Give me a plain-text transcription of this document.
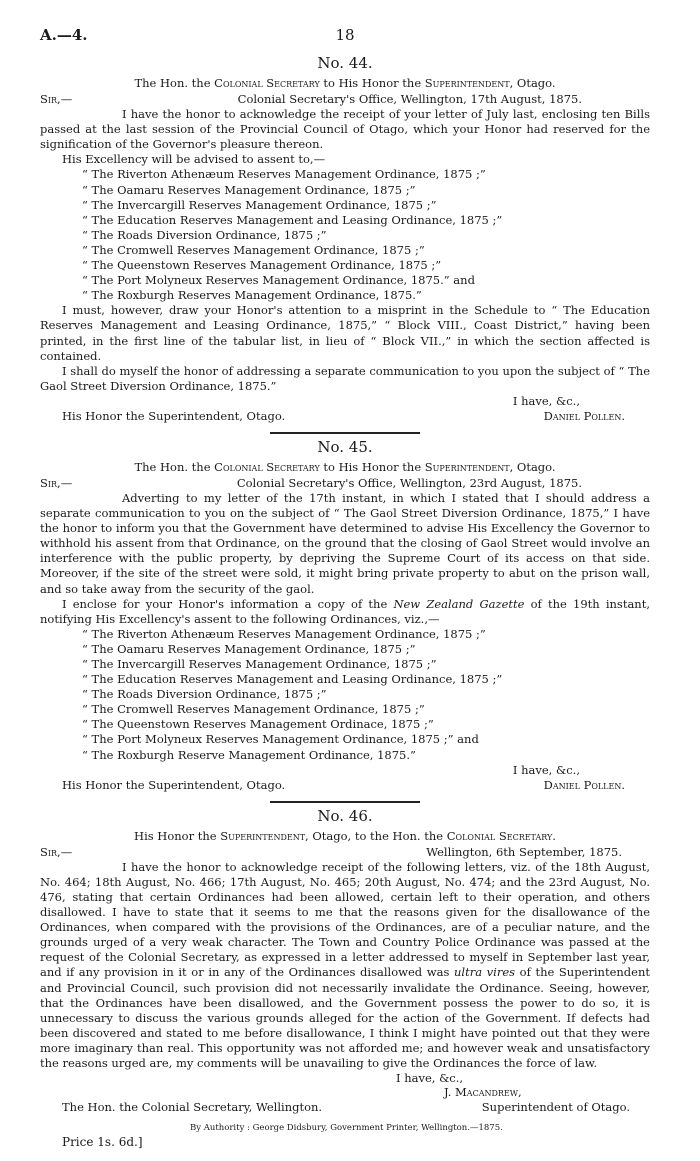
A.—4.	18
No. 44.
The Hon. the Colonial Secretary to His Honor the Superintendent, Otago.
Sir,—	Colonial Secretary's Office, Wellington, 17th August, 1875.

I have the honor to acknowledge the receipt of your letter of July last, enclosing ten Bills passed at the last session of the Provincial Council of Otago, which your Honor had reserved for the signification of the Governor's pleasure thereon.

His Excellency will be advised to assent to,—

“ The Riverton Athenæum Reserves Management Ordinance, 1875 ;”
“ The Oamaru Reserves Management Ordinance, 1875 ;”
“ The Invercargill Reserves Management Ordinance, 1875 ;”
“ The Education Reserves Management and Leasing Ordinance, 1875 ;”
“ The Roads Diversion Ordinance, 1875 ;”
“ The Cromwell Reserves Management Ordinance, 1875 ;”
“ The Queenstown Reserves Management Ordinance, 1875 ;”
“ The Port Molyneux Reserves Management Ordinance, 1875.” and
“ The Roxburgh Reserves Management Ordinance, 1875.”

I must, however, draw your Honor's attention to a misprint in the Schedule to “ The Education Reserves Management and Leasing Ordinance, 1875,” “ Block VIII., Coast District,” having been printed, in the first line of the tabular list, in lieu of “ Block VII.,” in which the section affected is contained.

I shall do myself the honor of addressing a separate communication to you upon the subject of “ The Gaol Street Diversion Ordinance, 1875.”

I have, &c.,
His Honor the Superintendent, Otago.	Daniel Pollen.
No. 45.
The Hon. the Colonial Secretary to His Honor the Superintendent, Otago.
Sir,—	Colonial Secretary's Office, Wellington, 23rd August, 1875.

Adverting to my letter of the 17th instant, in which I stated that I should address a separate communication to you on the subject of “ The Gaol Street Diversion Ordinance, 1875,” I have the honor to inform you that the Government have determined to advise His Excellency the Governor to withhold his assent from that Ordinance, on the ground that the closing of Gaol Street would involve an interference with the public property, by depriving the Supreme Court of its access on that side. Moreover, if the site of the street were sold, it might bring private property to abut on the prison wall, and so take away from the security of the gaol.

I enclose for your Honor's information a copy of the New Zealand Gazette of the 19th instant, notifying His Excellency's assent to the following Ordinances, viz.,—

“ The Riverton Athenæum Reserves Management Ordinance, 1875 ;”
“ The Oamaru Reserves Management Ordinance, 1875 ;”
“ The Invercargill Reserves Management Ordinance, 1875 ;”
“ The Education Reserves Management and Leasing Ordinance, 1875 ;”
“ The Roads Diversion Ordinance, 1875 ;”
“ The Cromwell Reserves Management Ordinance, 1875 ;”
“ The Queenstown Reserves Management Ordinace, 1875 ;”
“ The Port Molyneux Reserves Management Ordinance, 1875 ;” and
“ The Roxburgh Reserve Management Ordinance, 1875.”
I have, &c.,
His Honor the Superintendent, Otago.	Daniel Pollen.
No. 46.
His Honor the Superintendent, Otago, to the Hon. the Colonial Secretary.
Sir,—	Wellington, 6th September, 1875.

I have the honor to acknowledge receipt of the following letters, viz. of the 18th August, No. 464; 18th August, No. 466; 17th August, No. 465; 20th August, No. 474; and the 23rd August, No. 476, stating that certain Ordinances had been allowed, certain left to their operation, and others disallowed. I have to state that it seems to me that the reasons given for the disallowance of the Ordinances, when compared with the provisions of the Ordinances, are of a peculiar nature, and the grounds urged of a very weak character. The Town and Country Police Ordinance was passed at the request of the Colonial Secretary, as expressed in a letter addressed to myself in September last year, and if any provision in it or in any of the Ordinances disallowed was ultra vires of the Superintendent and Provincial Council, such provision did not necessarily invalidate the Ordinance. Seeing, however, that the Ordinances have been disallowed, and the Government possess the power to do so, it is unnecessary to discuss the various grounds alleged for the action of the Government. If defects had been discovered and stated to me before disallowance, I think I might have pointed out that they were more imaginary than real. This opportunity was not afforded me; and however weak and unsatisfactory the reasons urged are, my comments will be unavailing to give the Ordinances the force of law.

I have, &c.,
J. Macandrew,
The Hon. the Colonial Secretary, Wellington.	Superintendent of Otago.
By Authority : George Didsbury, Government Printer, Wellington.—1875.
Price 1s. 6d.]
